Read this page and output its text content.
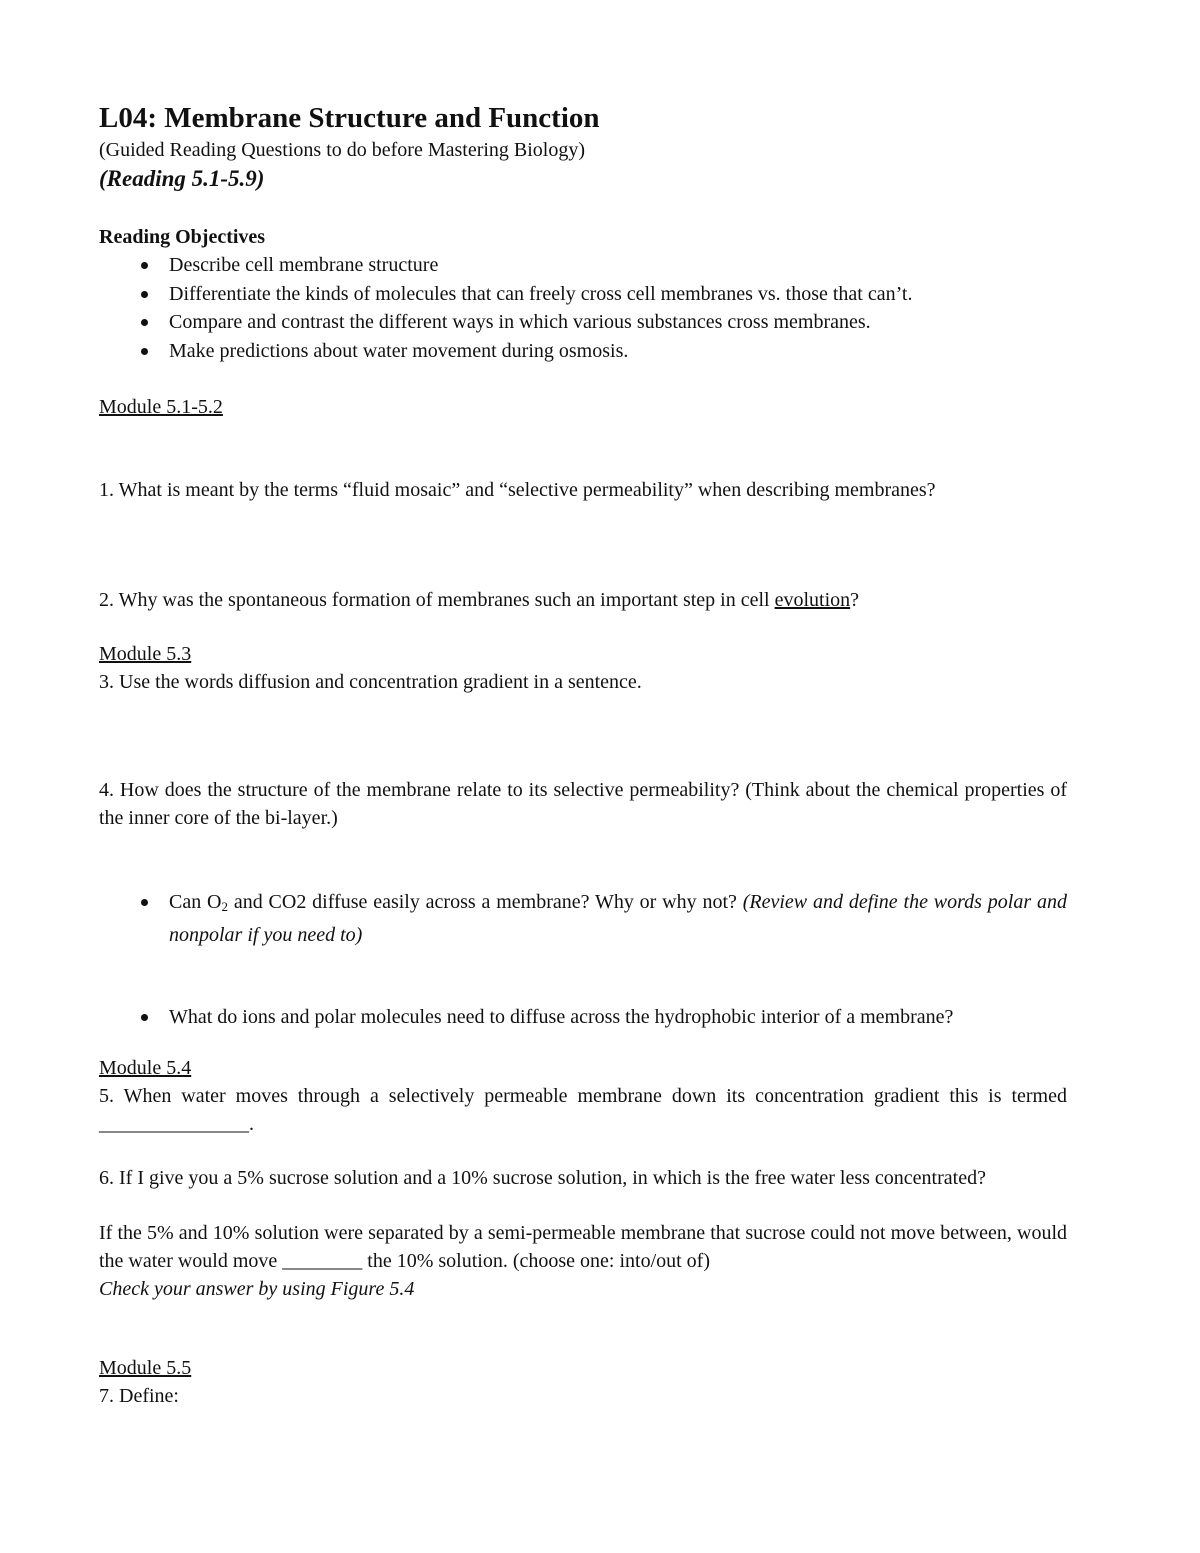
L04: Membrane Structure and Function

(Guided Reading Questions to do before Mastering Biology)

(Reading 5.1-5.9)

Reading Objectives

Describe cell membrane structure
Differentiate the kinds of molecules that can freely cross cell membranes vs. those that can’t.
Compare and contrast the different ways in which various substances cross membranes.
Make predictions about water movement during osmosis.

Module 5.1-5.2

1. What is meant by the terms “fluid mosaic” and “selective permeability” when describing membranes?

2. Why was the spontaneous formation of membranes such an important step in cell evolution?

Module 5.3

3. Use the words diffusion and concentration gradient in a sentence.

4. How does the structure of the membrane relate to its selective permeability? (Think about the chemical properties of the inner core of the bi-layer.)

Can $O_2$ and CO2 diffuse easily across a membrane? Why or why not? (Review and define the words polar and nonpolar if you need to)
What do ions and polar molecules need to diffuse across the hydrophobic interior of a membrane?

Module 5.4

5. When water moves through a selectively permeable membrane down its concentration gradient this is termed _______________.

6. If I give you a 5% sucrose solution and a 10% sucrose solution, in which is the free water less concentrated?

If the 5% and 10% solution were separated by a semi-permeable membrane that sucrose could not move between, would the water would move ________ the 10% solution. (choose one: into/out of)

Check your answer by using Figure 5.4

Module 5.5

7. Define:
